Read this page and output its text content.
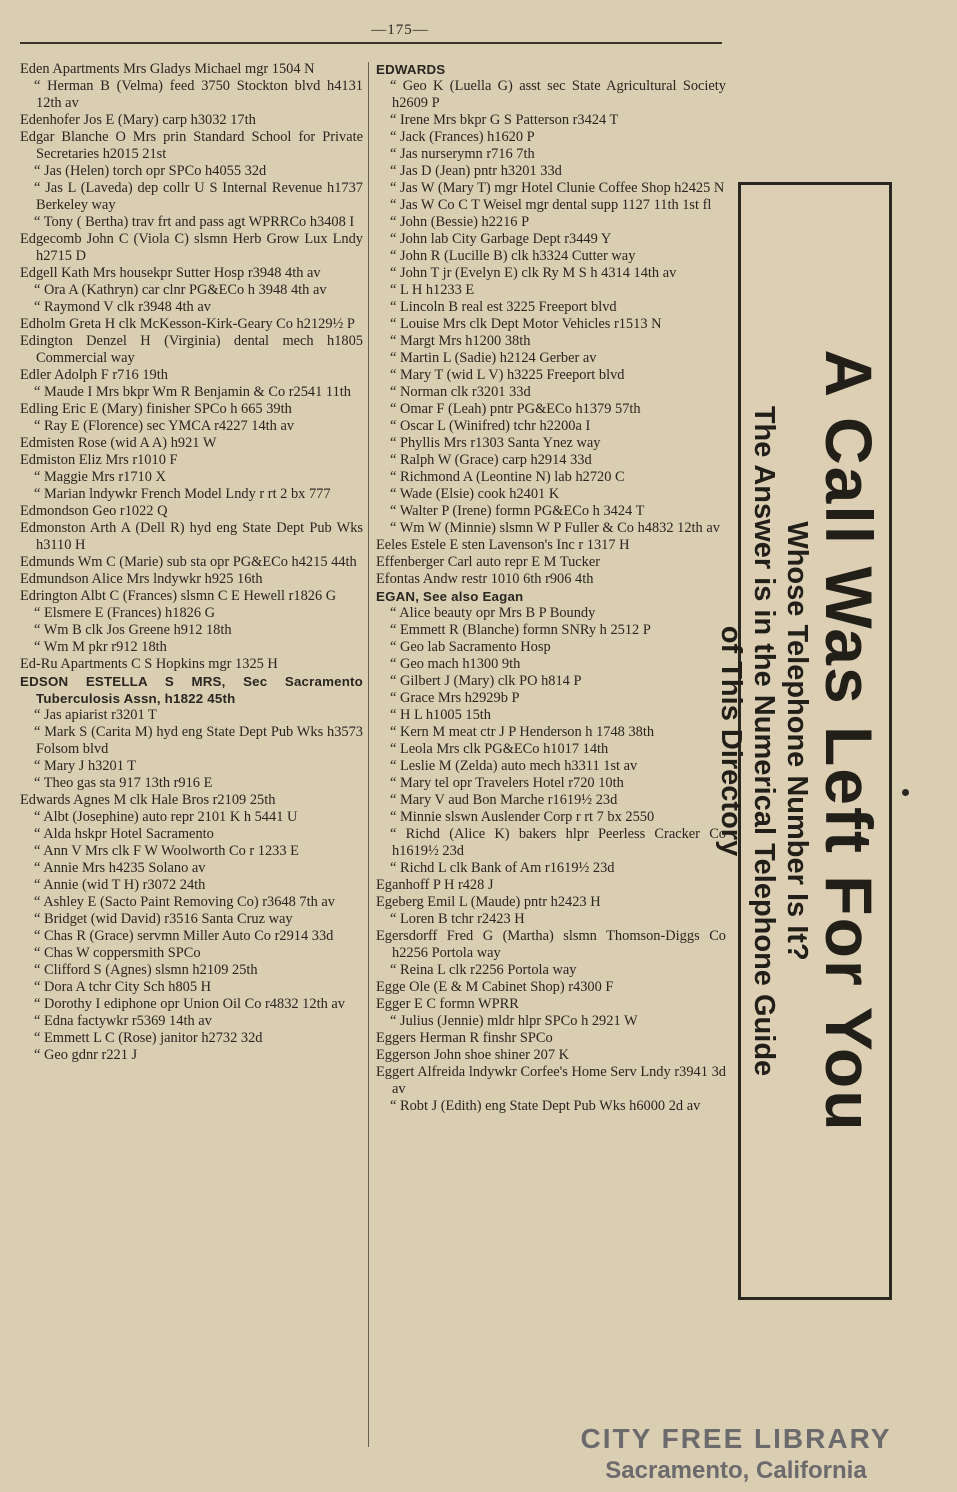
—175—
Eden Apartments Mrs Gladys Michael mgr 1504 N
“ Herman B (Velma) feed 3750 Stockton blvd h4131 12th av
Edenhofer Jos E (Mary) carp h3032 17th
Edgar Blanche O Mrs prin Standard School for Private Secretaries h2015 21st
“ Jas (Helen) torch opr SPCo h4055 32d
“ Jas L (Laveda) dep collr U S Internal Revenue h1737 Berkeley way
“ Tony ( Bertha) trav frt and pass agt WPRRCo h3408 I
Edgecomb John C (Viola C) slsmn Herb Grow Lux Lndy h2715 D
Edgell Kath Mrs housekpr Sutter Hosp r3948 4th av
“ Ora A (Kathryn) car clnr PG&ECo h 3948 4th av
“ Raymond V clk r3948 4th av
Edholm Greta H clk McKesson-Kirk-Geary Co h2129½ P
Edington Denzel H (Virginia) dental mech h1805 Commercial way
Edler Adolph F r716 19th
“ Maude I Mrs bkpr Wm R Benjamin & Co r2541 11th
Edling Eric E (Mary) finisher SPCo h 665 39th
“ Ray E (Florence) sec YMCA r4227 14th av
Edmisten Rose (wid A A) h921 W
Edmiston Eliz Mrs r1010 F
“ Maggie Mrs r1710 X
“ Marian lndywkr French Model Lndy r rt 2 bx 777
Edmondson Geo r1022 Q
Edmonston Arth A (Dell R) hyd eng State Dept Pub Wks h3110 H
Edmunds Wm C (Marie) sub sta opr PG&ECo h4215 44th
Edmundson Alice Mrs lndywkr h925 16th
Edrington Albt C (Frances) slsmn C E Hewell r1826 G
“ Elsmere E (Frances) h1826 G
“ Wm B clk Jos Greene h912 18th
“ Wm M pkr r912 18th
Ed-Ru Apartments C S Hopkins mgr 1325 H
EDSON ESTELLA S MRS, Sec Sacramento Tuberculosis Assn, h1822 45th
“ Jas apiarist r3201 T
“ Mark S (Carita M) hyd eng State Dept Pub Wks h3573 Folsom blvd
“ Mary J h3201 T
“ Theo gas sta 917 13th r916 E
Edwards Agnes M clk Hale Bros r2109 25th
“ Albt (Josephine) auto repr 2101 K h 5441 U
“ Alda hskpr Hotel Sacramento
“ Ann V Mrs clk F W Woolworth Co r 1233 E
“ Annie Mrs h4235 Solano av
“ Annie (wid T H) r3072 24th
“ Ashley E (Sacto Paint Removing Co) r3648 7th av
“ Bridget (wid David) r3516 Santa Cruz way
“ Chas R (Grace) servmn Miller Auto Co r2914 33d
“ Chas W coppersmith SPCo
“ Clifford S (Agnes) slsmn h2109 25th
“ Dora A tchr City Sch h805 H
“ Dorothy I ediphone opr Union Oil Co r4832 12th av
“ Edna factywkr r5369 14th av
“ Emmett L C (Rose) janitor h2732 32d
“ Geo gdnr r221 J
EDWARDS
“ Geo K (Luella G) asst sec State Agricultural Society h2609 P
“ Irene Mrs bkpr G S Patterson r3424 T
“ Jack (Frances) h1620 P
“ Jas nurserymn r716 7th
“ Jas D (Jean) pntr h3201 33d
“ Jas W (Mary T) mgr Hotel Clunie Coffee Shop h2425 N
“ Jas W Co C T Weisel mgr dental supp 1127 11th 1st fl
“ John (Bessie) h2216 P
“ John lab City Garbage Dept r3449 Y
“ John R (Lucille B) clk h3324 Cutter way
“ John T jr (Evelyn E) clk Ry M S h 4314 14th av
“ L H h1233 E
“ Lincoln B real est 3225 Freeport blvd
“ Louise Mrs clk Dept Motor Vehicles r1513 N
“ Margt Mrs h1200 38th
“ Martin L (Sadie) h2124 Gerber av
“ Mary T (wid L V) h3225 Freeport blvd
“ Norman clk r3201 33d
“ Omar F (Leah) pntr PG&ECo h1379 57th
“ Oscar L (Winifred) tchr h2200a I
“ Phyllis Mrs r1303 Santa Ynez way
“ Ralph W (Grace) carp h2914 33d
“ Richmond A (Leontine N) lab h2720 C
“ Wade (Elsie) cook h2401 K
“ Walter P (Irene) formn PG&ECo h 3424 T
“ Wm W (Minnie) slsmn W P Fuller & Co h4832 12th av
Eeles Estele E sten Lavenson's Inc r 1317 H
Effenberger Carl auto repr E M Tucker
Efontas Andw restr 1010 6th r906 4th
EGAN, See also Eagan
“ Alice beauty opr Mrs B P Boundy
“ Emmett R (Blanche) formn SNRy h 2512 P
“ Geo lab Sacramento Hosp
“ Geo mach h1300 9th
“ Gilbert J (Mary) clk PO h814 P
“ Grace Mrs h2929b P
“ H L h1005 15th
“ Kern M meat ctr J P Henderson h 1748 38th
“ Leola Mrs clk PG&ECo h1017 14th
“ Leslie M (Zelda) auto mech h3311 1st av
“ Mary tel opr Travelers Hotel r720 10th
“ Mary V aud Bon Marche r1619½ 23d
“ Minnie slswn Auslender Corp r rt 7 bx 2550
“ Richd (Alice K) bakers hlpr Peerless Cracker Co h1619½ 23d
“ Richd L clk Bank of Am r1619½ 23d
Eganhoff P H r428 J
Egeberg Emil L (Maude) pntr h2423 H
“ Loren B tchr r2423 H
Egersdorff Fred G (Martha) slsmn Thomson-Diggs Co h2256 Portola way
“ Reina L clk r2256 Portola way
Egge Ole (E & M Cabinet Shop) r4300 F
Egger E C formn WPRR
“ Julius (Jennie) mldr hlpr SPCo h 2921 W
Eggers Herman R finshr SPCo
Eggerson John shoe shiner 207 K
Eggert Alfreida lndywkr Corfee's Home Serv Lndy r3941 3d av
“ Robt J (Edith) eng State Dept Pub Wks h6000 2d av	A Call Was Left For You
Whose Telephone Number Is It?
The Answer is in the Numerical Telephone Guide
of This Directory
CITY FREE LIBRARY
Sacramento, California
